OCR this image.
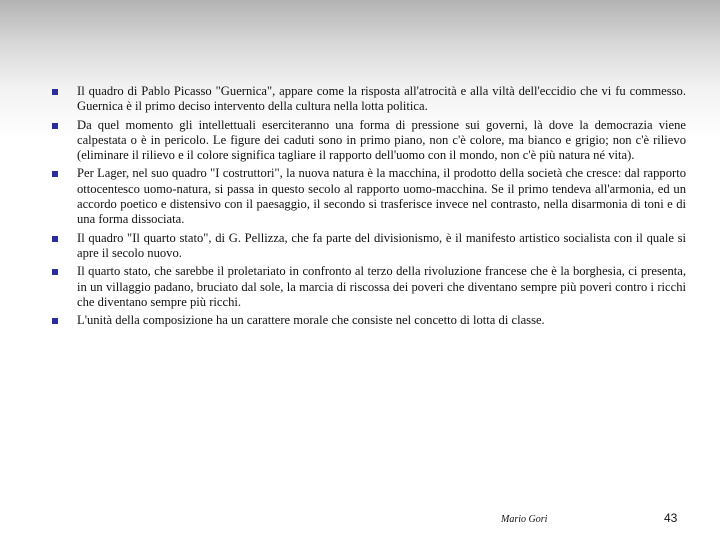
Il quadro di Pablo Picasso "Guernica", appare come la risposta all'atrocità e alla viltà dell'eccidio che vi fu commesso. Guernica è il primo deciso intervento della cultura nella lotta politica.
Da quel momento gli intellettuali eserciteranno una forma di pressione sui governi, là dove la democrazia viene calpestata o è in pericolo. Le figure dei caduti sono in primo piano, non c'è colore, ma bianco e grigio; non c'è rilievo (eliminare il rilievo e il colore significa tagliare il rapporto dell'uomo con il mondo, non c'è più natura né vita).
Per Lager, nel suo quadro "I costruttori", la nuova natura è la macchina, il prodotto della società che cresce: dal rapporto ottocentesco uomo-natura, si passa in questo secolo al rapporto uomo-macchina. Se il primo tendeva all'armonia, ed un accordo poetico e distensivo con il paesaggio, il secondo si trasferisce invece nel contrasto, nella disarmonia di toni e di una forma dissociata.
Il quadro "Il quarto stato", di G. Pellizza, che fa parte del divisionismo, è il manifesto artistico socialista con il quale si apre il secolo nuovo.
Il quarto stato, che sarebbe il proletariato in confronto al terzo della rivoluzione francese che è la borghesia, ci presenta, in un villaggio padano, bruciato dal sole, la marcia di riscossa dei poveri che diventano sempre più poveri contro i ricchi che diventano sempre più ricchi.
L'unità della composizione ha un carattere morale che consiste nel concetto di lotta di classe.
Mario Gori	43
